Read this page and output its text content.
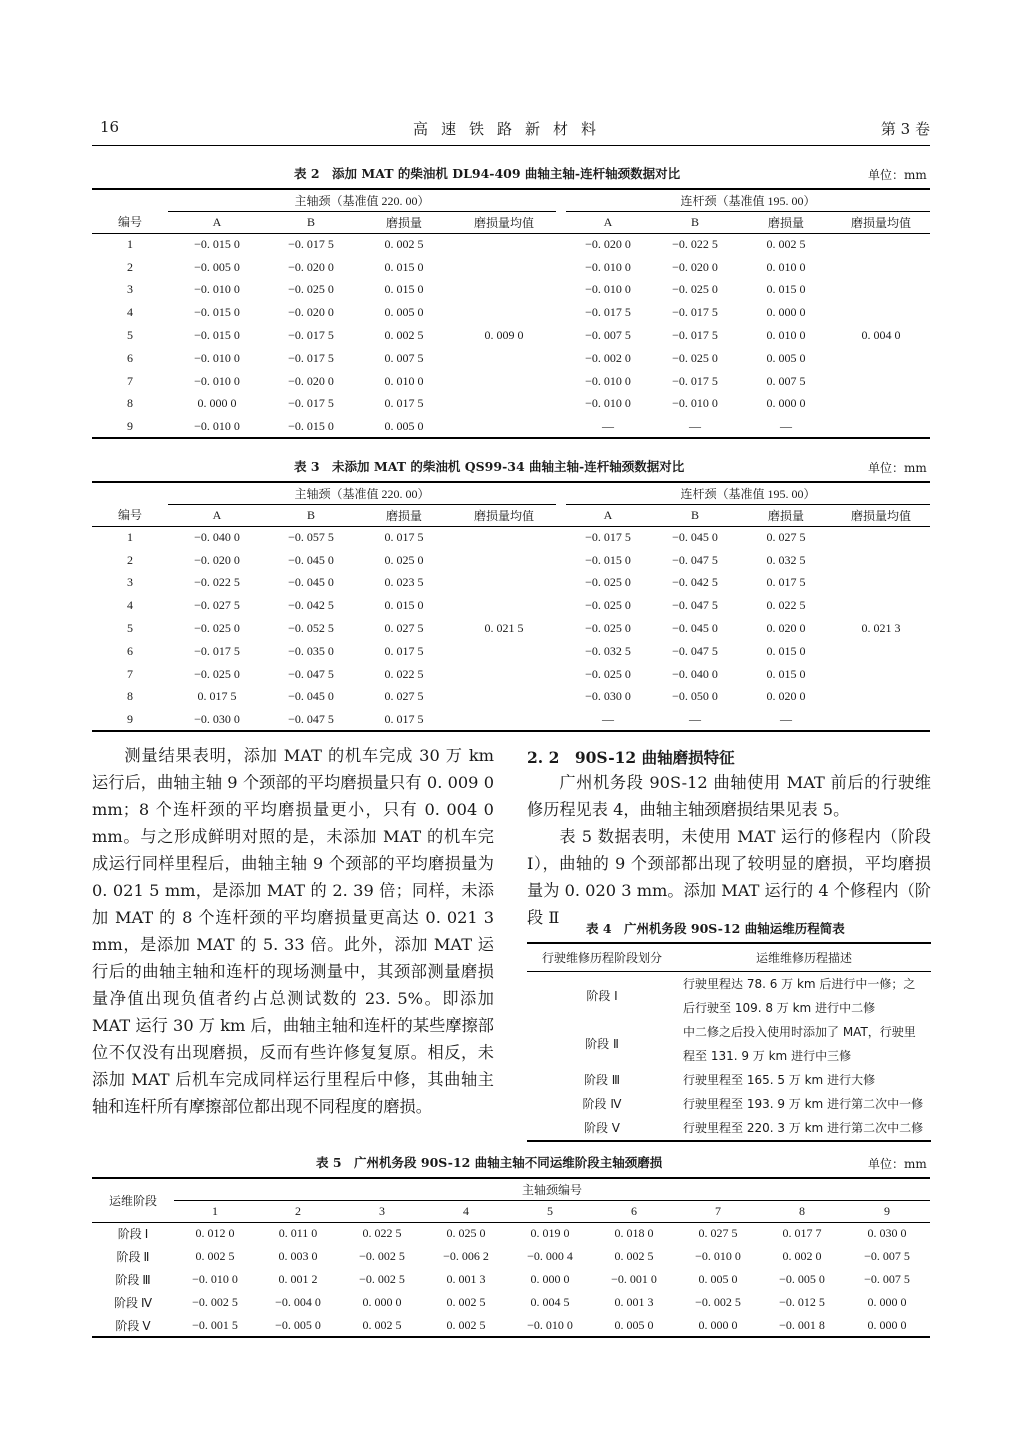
16	高速铁路新材料	第 3 卷
表 2　添加 MAT 的柴油机 DL94-409 曲轴主轴-连杆轴颈数据对比	单位：mm
	主轴颈（基准值 220. 00）					连杆颈（基准值 195. 00）			
编号	A	B	磨损量	磨损量均值		A	B	磨损量	磨损量均值
1	−0. 015 0	−0. 017 5	0. 002 5			−0. 020 0	−0. 022 5	0. 002 5	
2	−0. 005 0	−0. 020 0	0. 015 0			−0. 010 0	−0. 020 0	0. 010 0	
3	−0. 010 0	−0. 025 0	0. 015 0			−0. 010 0	−0. 025 0	0. 015 0	
4	−0. 015 0	−0. 020 0	0. 005 0			−0. 017 5	−0. 017 5	0. 000 0	
5	−0. 015 0	−0. 017 5	0. 002 5	0. 009 0		−0. 007 5	−0. 017 5	0. 010 0	0. 004 0
6	−0. 010 0	−0. 017 5	0. 007 5			−0. 002 0	−0. 025 0	0. 005 0	
7	−0. 010 0	−0. 020 0	0. 010 0			−0. 010 0	−0. 017 5	0. 007 5	
8	0. 000 0	−0. 017 5	0. 017 5			−0. 010 0	−0. 010 0	0. 000 0	
9	−0. 010 0	−0. 015 0	0. 005 0			—	—	—	
表 3　未添加 MAT 的柴油机 QS99-34 曲轴主轴-连杆轴颈数据对比	单位：mm
	主轴颈（基准值 220. 00）					连杆颈（基准值 195. 00）			
编号	A	B	磨损量	磨损量均值		A	B	磨损量	磨损量均值
1	−0. 040 0	−0. 057 5	0. 017 5			−0. 017 5	−0. 045 0	0. 027 5	
2	−0. 020 0	−0. 045 0	0. 025 0			−0. 015 0	−0. 047 5	0. 032 5	
3	−0. 022 5	−0. 045 0	0. 023 5			−0. 025 0	−0. 042 5	0. 017 5	
4	−0. 027 5	−0. 042 5	0. 015 0			−0. 025 0	−0. 047 5	0. 022 5	
5	−0. 025 0	−0. 052 5	0. 027 5	0. 021 5		−0. 025 0	−0. 045 0	0. 020 0	0. 021 3
6	−0. 017 5	−0. 035 0	0. 017 5			−0. 032 5	−0. 047 5	0. 015 0	
7	−0. 025 0	−0. 047 5	0. 022 5			−0. 025 0	−0. 040 0	0. 015 0	
8	0. 017 5	−0. 045 0	0. 027 5			−0. 030 0	−0. 050 0	0. 020 0	
9	−0. 030 0	−0. 047 5	0. 017 5			—	—	—	

测量结果表明，添加 MAT 的机车完成 30 万 km 运行后，曲轴主轴 9 个颈部的平均磨损量只有 0. 009 0 mm；8 个连杆颈的平均磨损量更小，只有 0. 004 0 mm。与之形成鲜明对照的是，未添加 MAT 的机车完成运行同样里程后，曲轴主轴 9 个颈部的平均磨损量为 0. 021 5 mm，是添加 MAT 的 2. 39 倍；同样，未添加 MAT 的 8 个连杆颈的平均磨损量更高达 0. 021 3 mm，是添加 MAT 的 5. 33 倍。此外，添加 MAT 运行后的曲轴主轴和连杆的现场测量中，其颈部测量磨损量净值出现负值者约占总测试数的 23. 5%。即添加 MAT 运行 30 万 km 后，曲轴主轴和连杆的某些摩擦部位不仅没有出现磨损，反而有些许修复复原。相反，未添加 MAT 后机车完成同样运行里程后中修，其曲轴主轴和连杆所有摩擦部位都出现不同程度的磨损。

2. 2　90S-12 曲轴磨损特征

广州机务段 90S-12 曲轴使用 MAT 前后的行驶维修历程见表 4，曲轴主轴颈磨损结果见表 5。

表 5 数据表明，未使用 MAT 运行的修程内（阶段 Ⅰ），曲轴的 9 个颈部都出现了较明显的磨损，平均磨损量为 0. 020 3 mm。添加 MAT 运行的 4 个修程内（阶段 Ⅱ

表 4　广州机务段 90S-12 曲轴运维历程简表
行驶维修历程阶段划分	运维维修历程描述
阶段 Ⅰ	行驶里程达 78. 6 万 km 后进行中一修；之后行驶至 109. 8 万 km 进行中二修
阶段 Ⅱ	中二修之后投入使用时添加了 MAT，行驶里程至 131. 9 万 km 进行中三修
阶段 Ⅲ	行驶里程至 165. 5 万 km 进行大修
阶段 Ⅳ	行驶里程至 193. 9 万 km 进行第二次中一修
阶段 Ⅴ	行驶里程至 220. 3 万 km 进行第二次中二修
表 5　广州机务段 90S-12 曲轴主轴不同运维阶段主轴颈磨损	单位：mm
运维阶段	主轴颈编号								
	1	2	3	4	5	6	7	8	9
阶段 Ⅰ	0. 012 0	0. 011 0	0. 022 5	0. 025 0	0. 019 0	0. 018 0	0. 027 5	0. 017 7	0. 030 0
阶段 Ⅱ	0. 002 5	0. 003 0	−0. 002 5	−0. 006 2	−0. 000 4	0. 002 5	−0. 010 0	0. 002 0	−0. 007 5
阶段 Ⅲ	−0. 010 0	0. 001 2	−0. 002 5	0. 001 3	0. 000 0	−0. 001 0	0. 005 0	−0. 005 0	−0. 007 5
阶段 Ⅳ	−0. 002 5	−0. 004 0	0. 000 0	0. 002 5	0. 004 5	0. 001 3	−0. 002 5	−0. 012 5	0. 000 0
阶段 Ⅴ	−0. 001 5	−0. 005 0	0. 002 5	0. 002 5	−0. 010 0	0. 005 0	0. 000 0	−0. 001 8	0. 000 0
